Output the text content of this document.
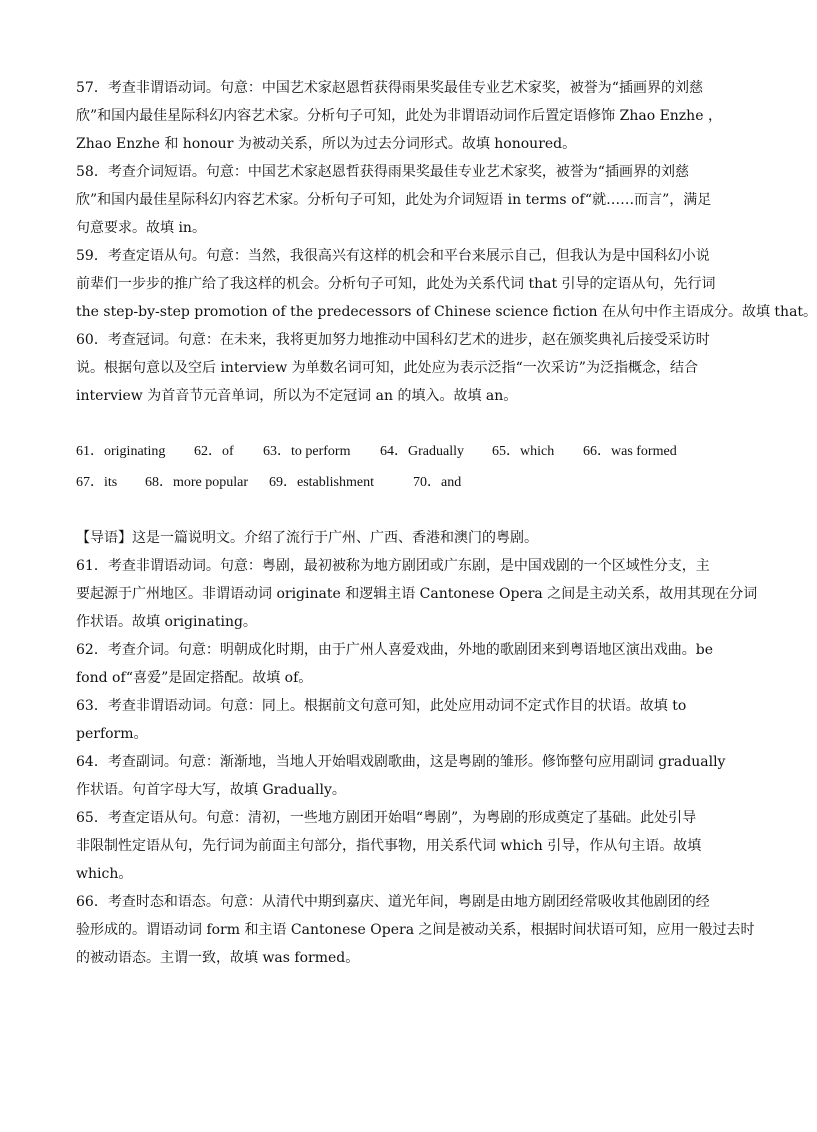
57．考查非谓语动词。句意：中国艺术家赵恩哲获得雨果奖最佳专业艺术家奖，被誉为“插画界的刘慈
欣”和国内最佳星际科幻内容艺术家。分析句子可知，此处为非谓语动词作后置定语修饰 Zhao Enzhe ，
Zhao Enzhe 和 honour 为被动关系，所以为过去分词形式。故填 honoured。
58．考查介词短语。句意：中国艺术家赵恩哲获得雨果奖最佳专业艺术家奖，被誉为“插画界的刘慈
欣”和国内最佳星际科幻内容艺术家。分析句子可知，此处为介词短语 in terms of“就……而言”，满足
句意要求。故填 in。
59．考查定语从句。句意：当然，我很高兴有这样的机会和平台来展示自己，但我认为是中国科幻小说
前辈们一步步的推广给了我这样的机会。分析句子可知，此处为关系代词 that 引导的定语从句，先行词
the step-by-step promotion of the predecessors of Chinese science fiction 在从句中作主语成分。故填 that。
60．考查冠词。句意：在未来，我将更加努力地推动中国科幻艺术的进步，赵在颁奖典礼后接受采访时
说。根据句意以及空后 interview 为单数名词可知，此处应为表示泛指“一次采访”为泛指概念，结合
interview 为首音节元音单词，所以为不定冠词 an 的填入。故填 an。
61．originating	62．of	63．to perform	64．Gradually	65．which	66．was formed
67．its	68．more popular	69．establishment	70．and
【导语】这是一篇说明文。介绍了流行于广州、广西、香港和澳门的粤剧。
61．考查非谓语动词。句意：粤剧，最初被称为地方剧团或广东剧，是中国戏剧的一个区域性分支，主
要起源于广州地区。非谓语动词 originate 和逻辑主语 Cantonese Opera 之间是主动关系，故用其现在分词
作状语。故填 originating。
62．考查介词。句意：明朝成化时期，由于广州人喜爱戏曲，外地的歌剧团来到粤语地区演出戏曲。be
fond of“喜爱”是固定搭配。故填 of。
63．考查非谓语动词。句意：同上。根据前文句意可知，此处应用动词不定式作目的状语。故填 to
perform。
64．考查副词。句意：渐渐地，当地人开始唱戏剧歌曲，这是粤剧的雏形。修饰整句应用副词 gradually
作状语。句首字母大写，故填 Gradually。
65．考查定语从句。句意：清初，一些地方剧团开始唱“粤剧”，为粤剧的形成奠定了基础。此处引导
非限制性定语从句，先行词为前面主句部分，指代事物，用关系代词 which 引导，作从句主语。故填
which。
66．考查时态和语态。句意：从清代中期到嘉庆、道光年间，粤剧是由地方剧团经常吸收其他剧团的经
验形成的。谓语动词 form 和主语 Cantonese Opera 之间是被动关系，根据时间状语可知，应用一般过去时
的被动语态。主谓一致，故填 was formed。
